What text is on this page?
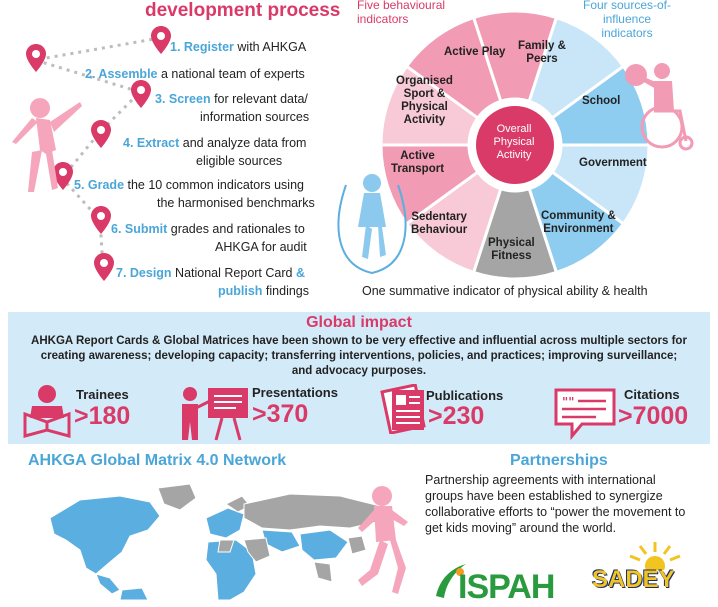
development process
1. Register with AHKGA
2. Assemble a national team of experts
3. Screen for relevant data/
information sources
4. Extract and analyze data from
eligible sources
5. Grade the 10 common indicators using
the harmonised benchmarks
6. Submit grades and rationales to
AHKGA for audit
7. Design National Report Card &
publish findings
Five behavioural
indicators
Four sources-of-
influence
indicators
Overall
Physical
Activity
Active Play Family &
Peers
School
Government
Community &
Environment
Physical
Fitness
Sedentary
Behaviour
Active
Transport
Organised
Sport &
Physical
Activity
One summative indicator of physical ability & health
Global impact
AHKGA Report Cards & Global Matrices have been shown to be very effective and influential across multiple sectors for
creating awareness; developing capacity; transferring interventions, policies, and practices; improving surveillance;
and advocacy purposes.
Trainees
>180
Presentations
>370
Publications
>230	""	Citations
>7000
AHKGA Global Matrix 4.0 Network	Partnerships
Partnership agreements with international
groups have been established to synergize
collaborative efforts to “power the movement to
get kids moving” around the world.
ISPAH SADEY
